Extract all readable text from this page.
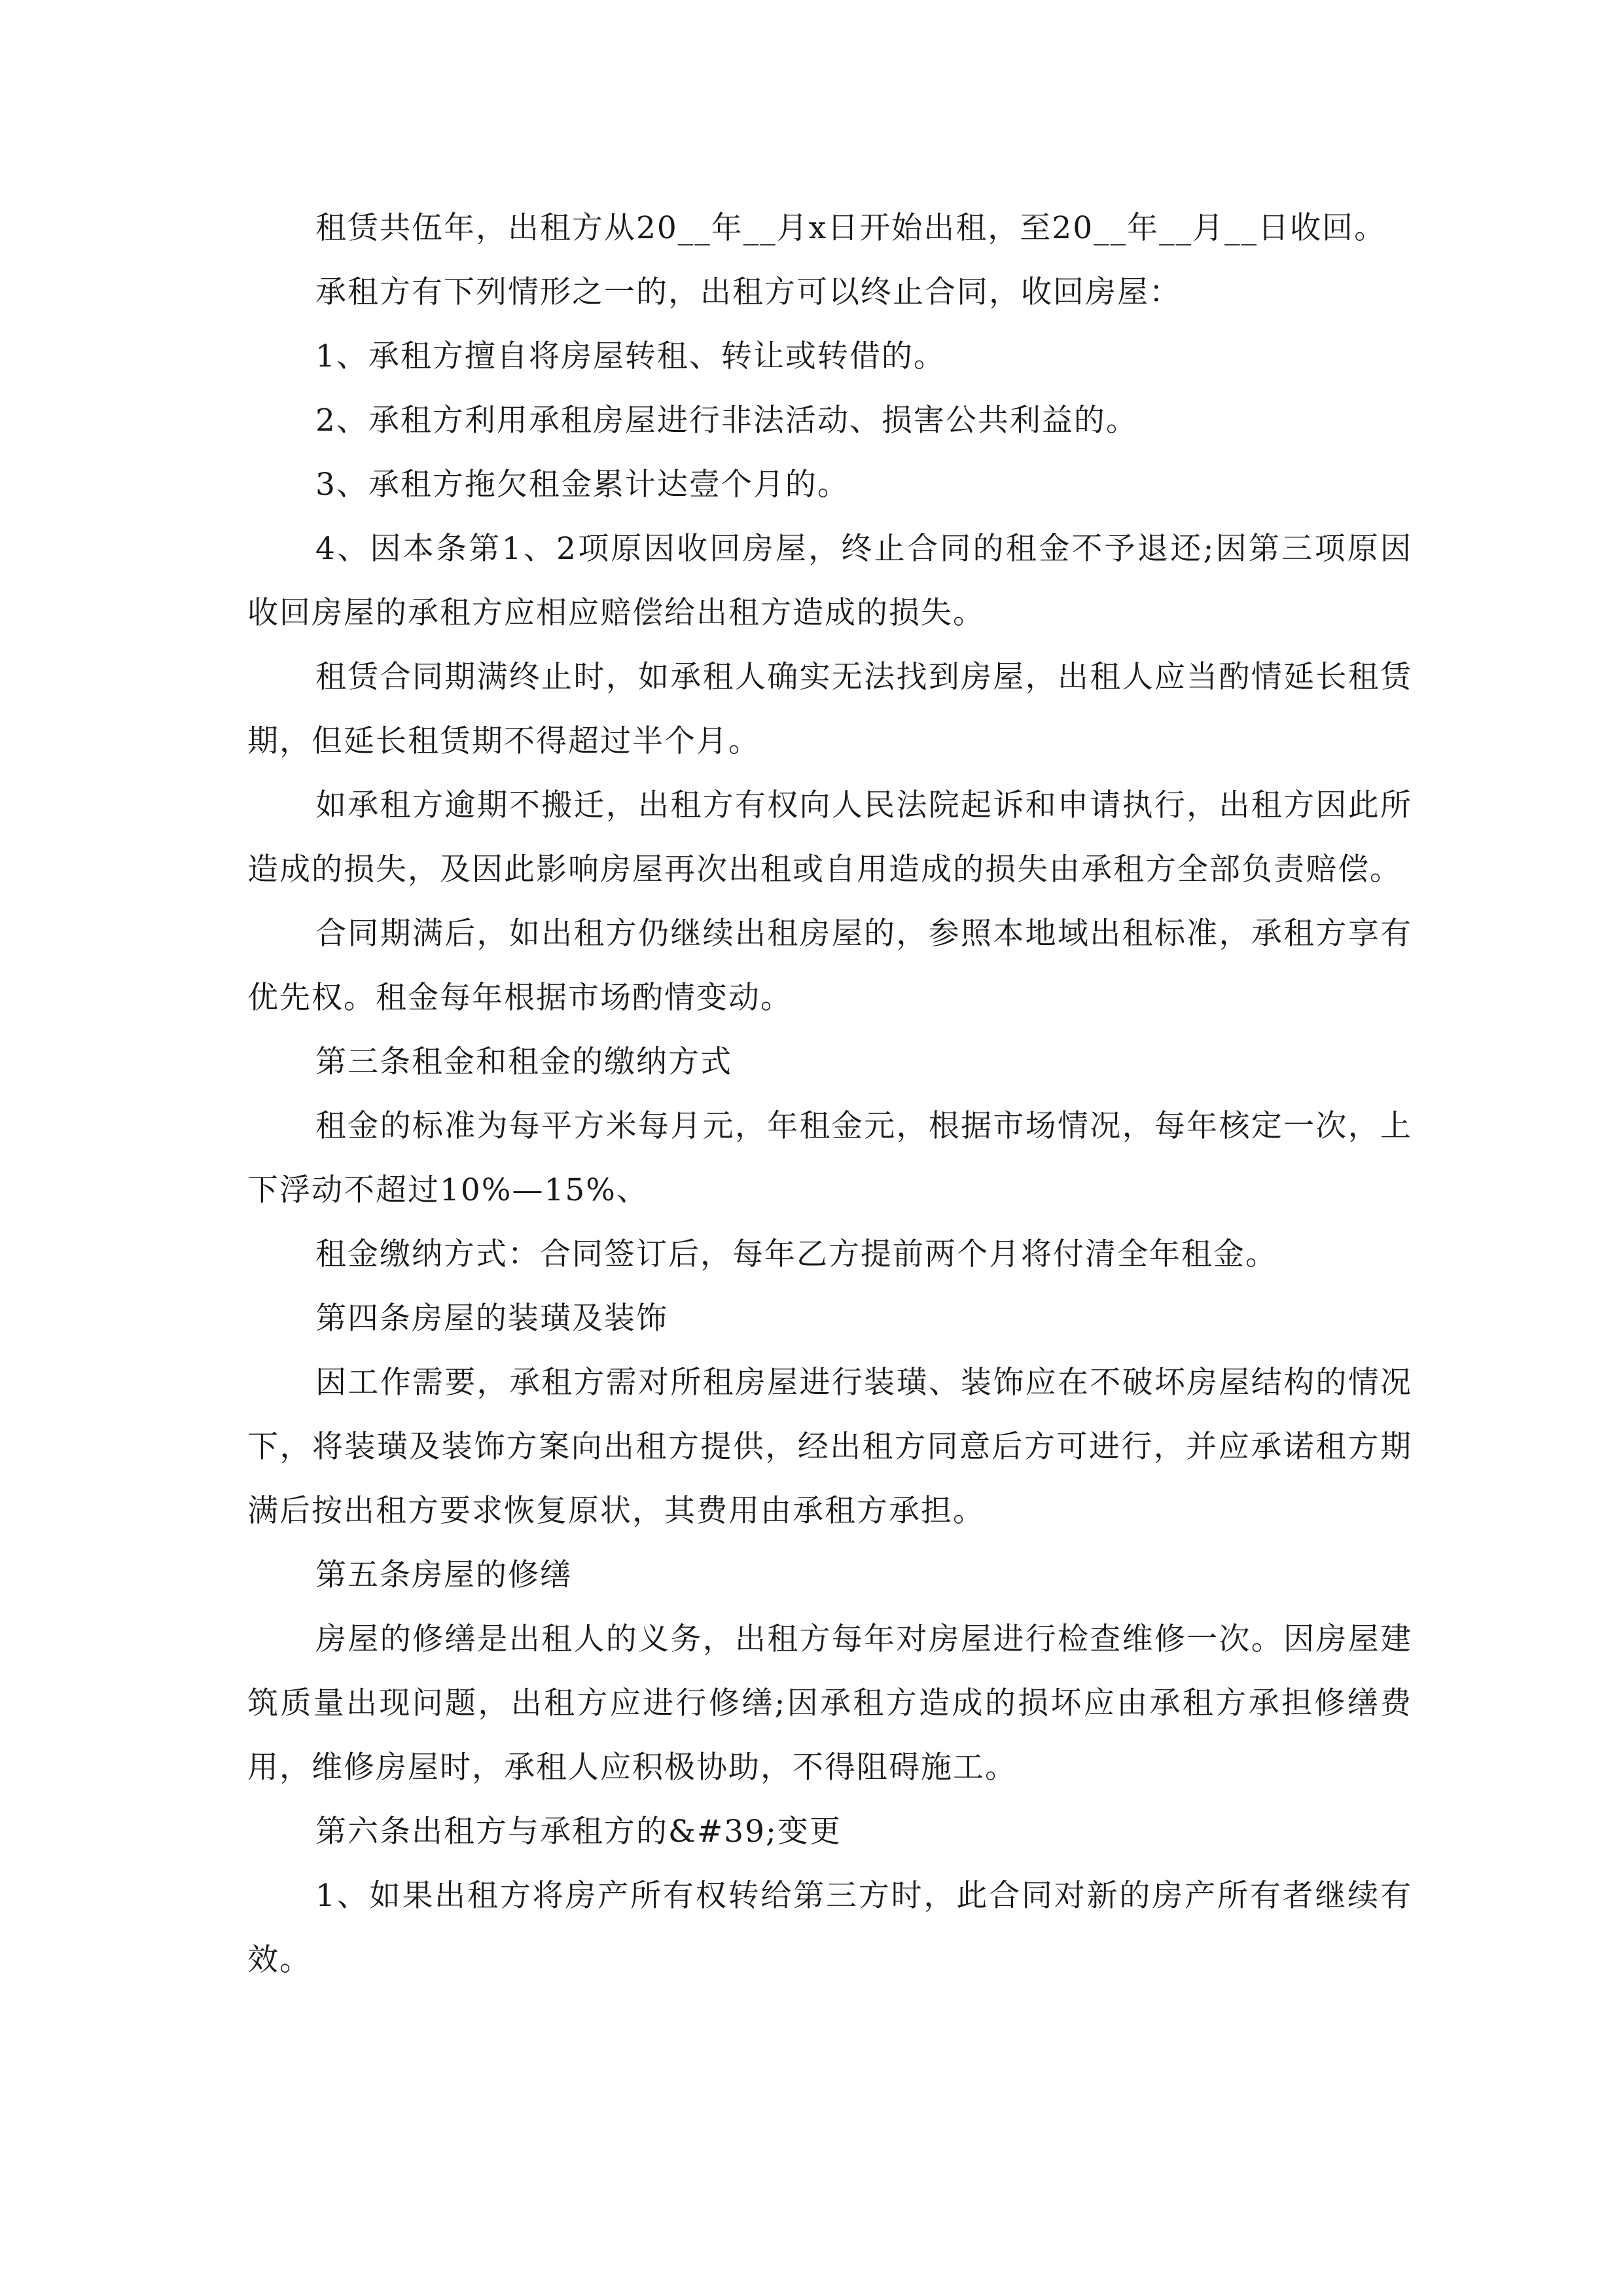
租赁共伍年，出租方从20__年__月x日开始出租，至20__年__月__日收回。

承租方有下列情形之一的，出租方可以终止合同，收回房屋：

1、承租方擅自将房屋转租、转让或转借的。

2、承租方利用承租房屋进行非法活动、损害公共利益的。

3、承租方拖欠租金累计达壹个月的。

4、因本条第1、2项原因收回房屋，终止合同的租金不予退还;因第三项原因收回房屋的承租方应相应赔偿给出租方造成的损失。

租赁合同期满终止时，如承租人确实无法找到房屋，出租人应当酌情延长租赁期，但延长租赁期不得超过半个月。

如承租方逾期不搬迁，出租方有权向人民法院起诉和申请执行，出租方因此所造成的损失，及因此影响房屋再次出租或自用造成的损失由承租方全部负责赔偿。

合同期满后，如出租方仍继续出租房屋的，参照本地域出租标准，承租方享有优先权。租金每年根据市场酌情变动。

第三条租金和租金的缴纳方式

租金的标准为每平方米每月元，年租金元，根据市场情况，每年核定一次，上下浮动不超过10%—15%、

租金缴纳方式：合同签订后，每年乙方提前两个月将付清全年租金。

第四条房屋的装璜及装饰

因工作需要，承租方需对所租房屋进行装璜、装饰应在不破坏房屋结构的情况下，将装璜及装饰方案向出租方提供，经出租方同意后方可进行，并应承诺租方期满后按出租方要求恢复原状，其费用由承租方承担。

第五条房屋的修缮

房屋的修缮是出租人的义务，出租方每年对房屋进行检查维修一次。因房屋建筑质量出现问题，出租方应进行修缮;因承租方造成的损坏应由承租方承担修缮费用，维修房屋时，承租人应积极协助，不得阻碍施工。

第六条出租方与承租方的&#39;变更

1、如果出租方将房产所有权转给第三方时，此合同对新的房产所有者继续有效。
